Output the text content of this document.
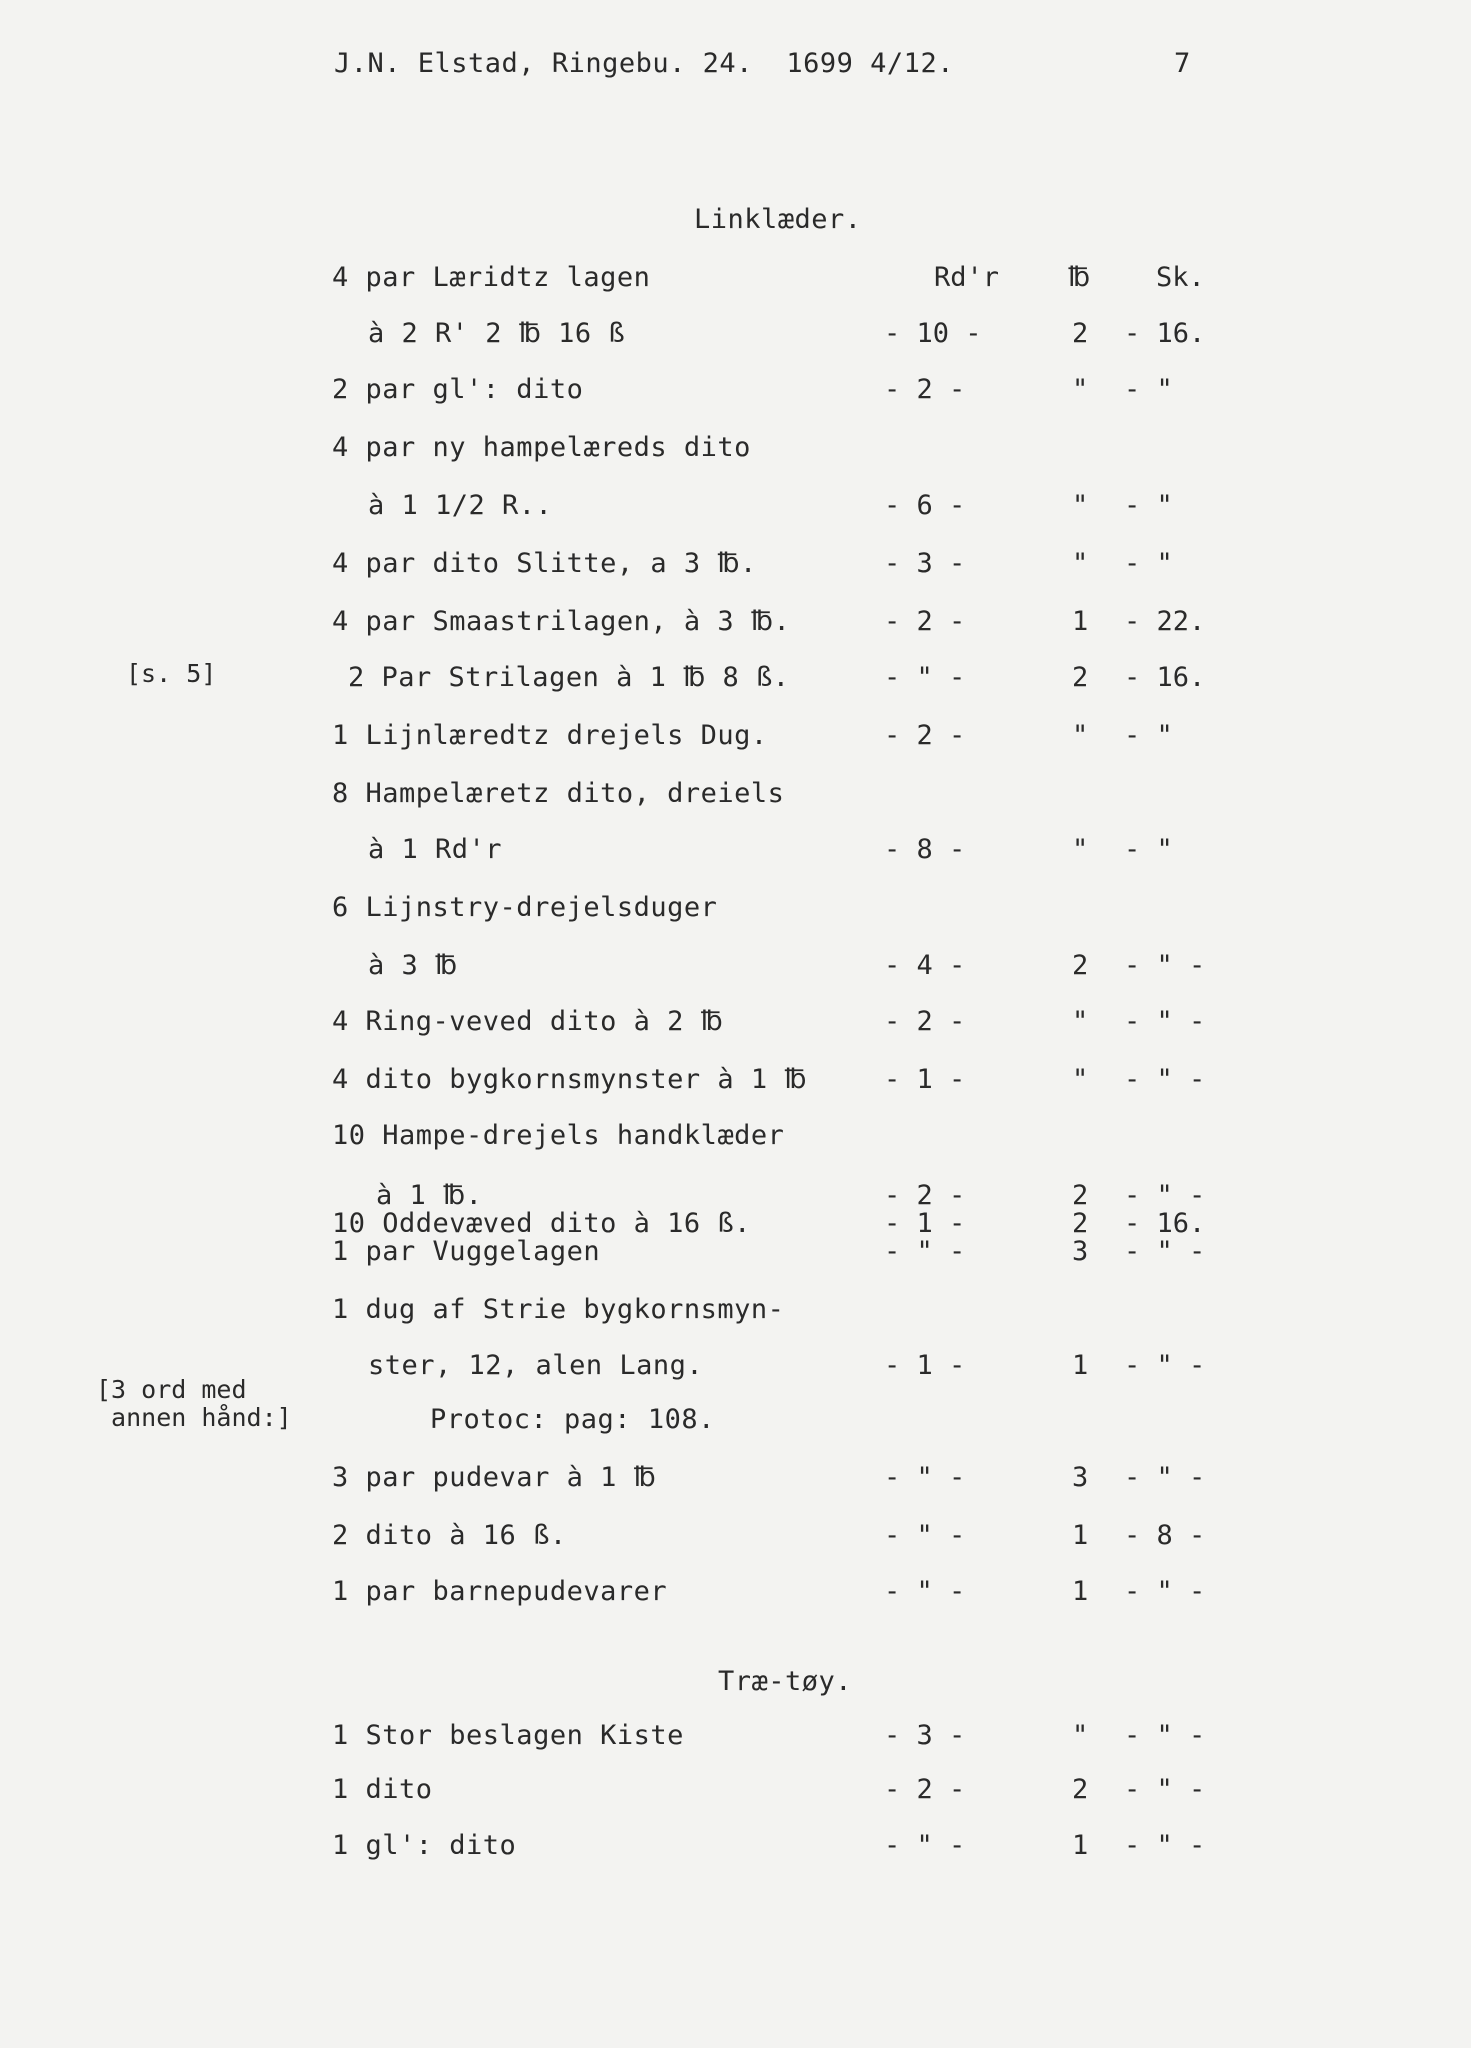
J.N. Elstad, Ringebu. 24.  1699 4/12.	7
Linklæder.
Rd'r	℔ Sk.
4 par Læridtz lagen
à 2 R' 2 ℔ 16 ß	- 10 -	2 - 16.
2 par gl': dito	- 2 -	" - "
4 par ny hampelæreds dito
à 1 1/2 R..	- 6 -	" - "
4 par dito Slitte, a 3 ℔.	- 3 -	" - "
4 par Smaastrilagen, à 3 ℔.	- 2 -	1 - 22.
2 Par Strilagen à 1 ℔ 8 ß.	- " -	2 - 16.
1 Lijnlæredtz drejels Dug.	- 2 -	" - "
8 Hampelæretz dito, dreiels
à 1 Rd'r	- 8 -	" - "
6 Lijnstry-drejelsduger
à 3 ℔	- 4 -	2 - " -
4 Ring-veved dito à 2 ℔	- 2 -	" - " -
4 dito bygkornsmynster à 1 ℔	- 1 -	" - " -
10 Hampe-drejels handklæder
à 1 ℔.	- 2 -	2 - " -
10 Oddevæved dito à 16 ß.	- 1 -	2 - 16.
1 par Vuggelagen	- " -	3 - " -
1 dug af Strie bygkornsmyn-
ster, 12, alen Lang.	- 1 -	1 - " -
Protoc: pag: 108.
3 par pudevar à 1 ℔	- " -	3 - " -
2 dito à 16 ß.	- " -	1 - 8 -
1 par barnepudevarer	- " -	1 - " -
Træ-tøy.
1 Stor beslagen Kiste	- 3 -	" - " -
1 dito	- 2 -	2 - " -
1 gl': dito	- " -	1 - " -
[s. 5]
[3 ord med
annen hånd:]
